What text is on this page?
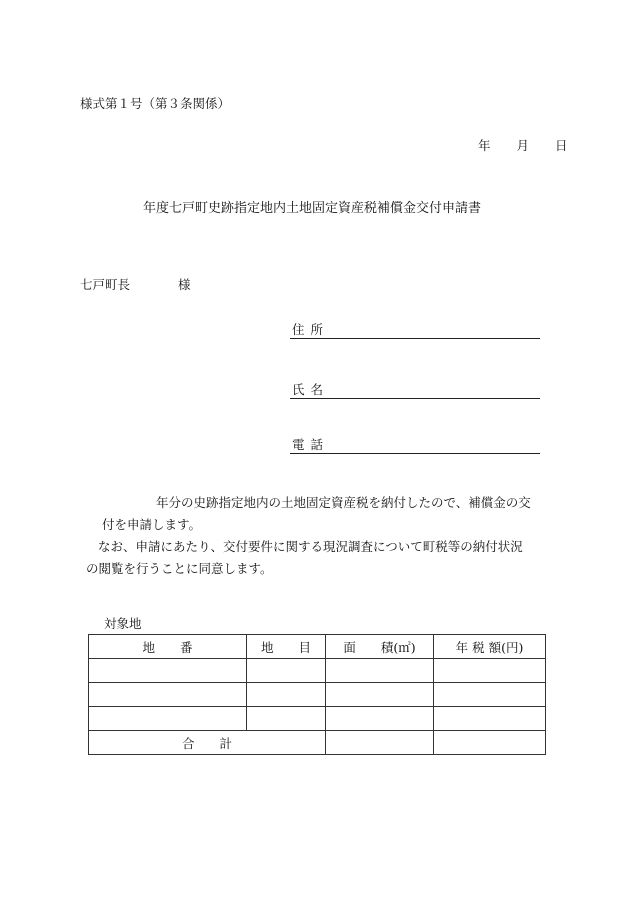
様式第１号（第３条関係）
年 月 日
年度七戸町史跡指定地内土地固定資産税補償金交付申請書
七戸町長	様
住所
氏名
電話
年分の史跡指定地内の土地固定資産税を納付したので、補償金の交
付を申請します。
なお、申請にあたり、交付要件に関する現況調査について町税等の納付状況
の閲覧を行うことに同意します。
対象地
地　　番	地　　目	面　　積(㎡)	年 税 額(円)

合　　計			
